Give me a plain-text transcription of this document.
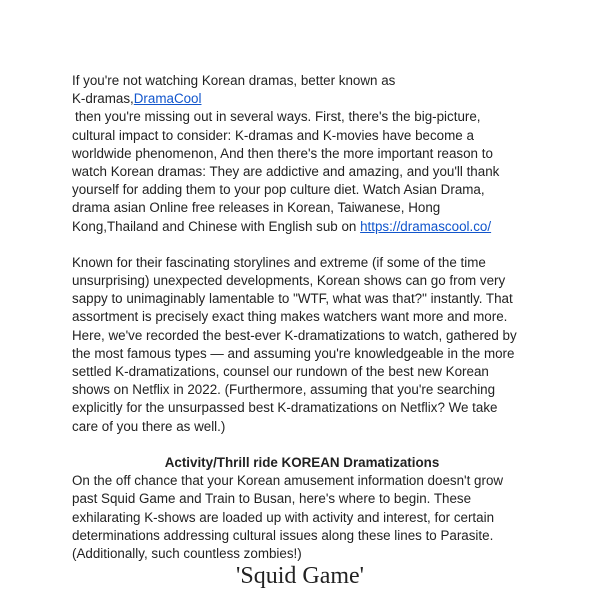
If you're not watching Korean dramas, better known as
K-dramas,DramaCool
then you're missing out in several ways. First, there's the big-picture,
cultural impact to consider: K-dramas and K-movies have become a
worldwide phenomenon, And then there's the more important reason to
watch Korean dramas: They are addictive and amazing, and you'll thank
yourself for adding them to your pop culture diet. Watch Asian Drama,
drama asian Online free releases in Korean, Taiwanese, Hong
Kong,Thailand and Chinese with English sub on https://dramascool.co/
Known for their fascinating storylines and extreme (if some of the time
unsurprising) unexpected developments, Korean shows can go from very
sappy to unimaginably lamentable to "WTF, what was that?" instantly. That
assortment is precisely exact thing makes watchers want more and more.
Here, we've recorded the best-ever K-dramatizations to watch, gathered by
the most famous types — and assuming you're knowledgeable in the more
settled K-dramatizations, counsel our rundown of the best new Korean
shows on Netflix in 2022. (Furthermore, assuming that you're searching
explicitly for the unsurpassed best K-dramatizations on Netflix? We take
care of you there as well.)
Activity/Thrill ride KOREAN Dramatizations
On the off chance that your Korean amusement information doesn't grow
past Squid Game and Train to Busan, here's where to begin. These
exhilarating K-shows are loaded up with activity and interest, for certain
determinations addressing cultural issues along these lines to Parasite.
(Additionally, such countless zombies!)
'Squid Game'
